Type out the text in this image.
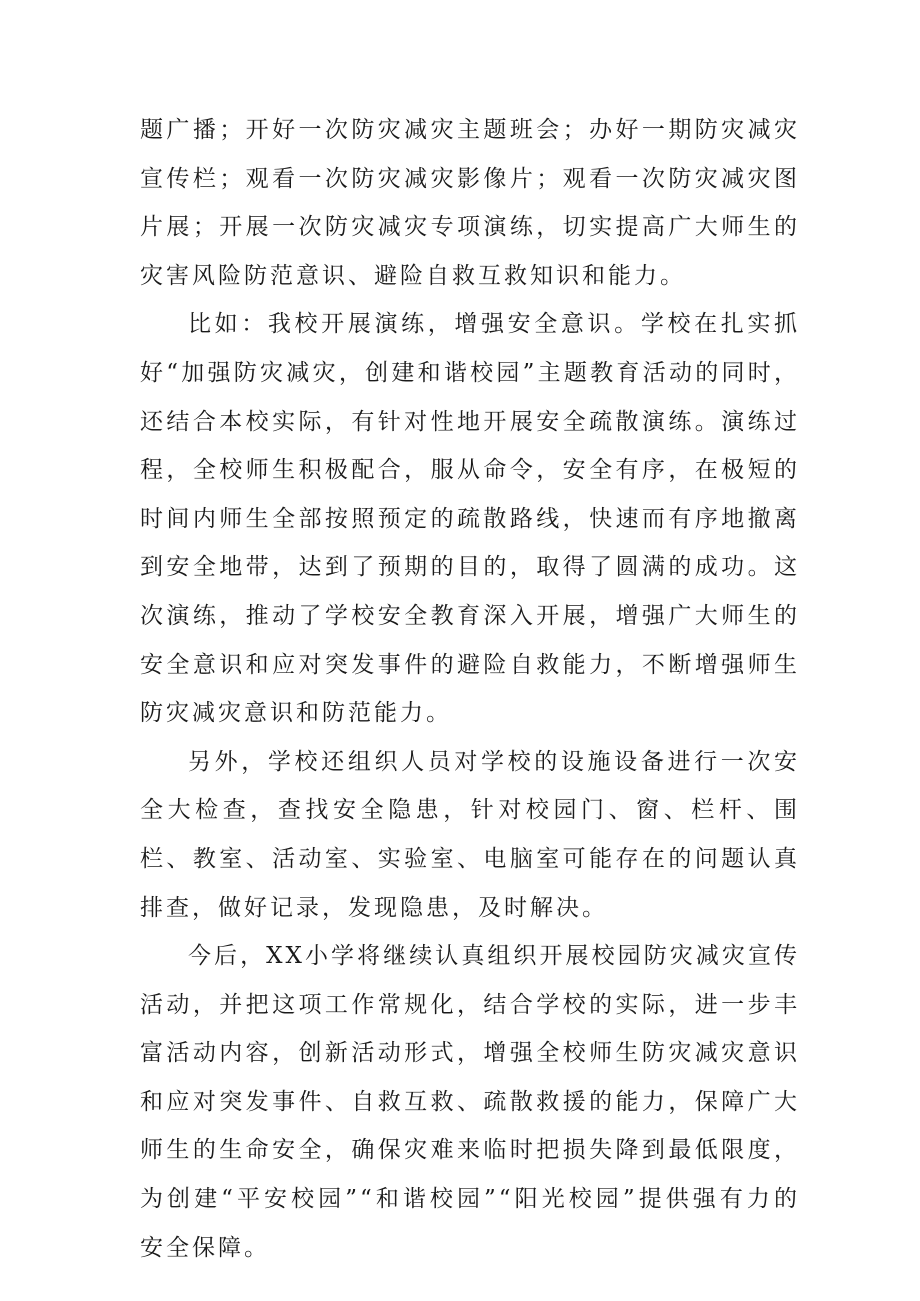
题广播；开好一次防灾减灾主题班会；办好一期防灾减灾宣传栏；观看一次防灾减灾影像片；观看一次防灾减灾图片展；开展一次防灾减灾专项演练，切实提高广大师生的灾害风险防范意识、避险自救互救知识和能力。

比如：我校开展演练，增强安全意识。学校在扎实抓好“加强防灾减灾，创建和谐校园”主题教育活动的同时，还结合本校实际，有针对性地开展安全疏散演练。演练过程，全校师生积极配合，服从命令，安全有序，在极短的时间内师生全部按照预定的疏散路线，快速而有序地撤离到安全地带，达到了预期的目的，取得了圆满的成功。这次演练，推动了学校安全教育深入开展，增强广大师生的安全意识和应对突发事件的避险自救能力，不断增强师生防灾减灾意识和防范能力。

另外，学校还组织人员对学校的设施设备进行一次安全大检查，查找安全隐患，针对校园门、窗、栏杆、围栏、教室、活动室、实验室、电脑室可能存在的问题认真排查，做好记录，发现隐患，及时解决。

今后，XX小学将继续认真组织开展校园防灾减灾宣传活动，并把这项工作常规化，结合学校的实际，进一步丰富活动内容，创新活动形式，增强全校师生防灾减灾意识和应对突发事件、自救互救、疏散救援的能力，保障广大师生的生命安全，确保灾难来临时把损失降到最低限度，为创建“平安校园”“和谐校园”“阳光校园”提供强有力的安全保障。
